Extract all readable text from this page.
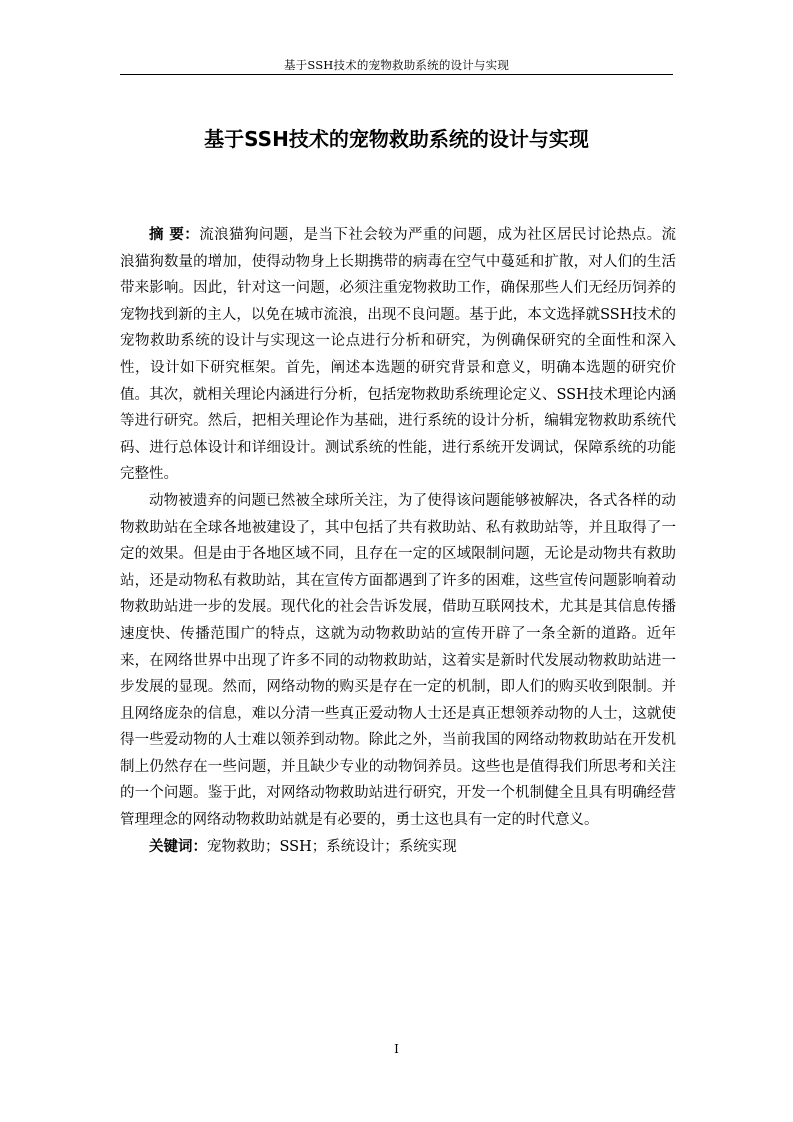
基于SSH技术的宠物救助系统的设计与实现
基于SSH技术的宠物救助系统的设计与实现

摘 要：流浪猫狗问题，是当下社会较为严重的问题，成为社区居民讨论热点。流浪猫狗数量的增加，使得动物身上长期携带的病毒在空气中蔓延和扩散，对人们的生活带来影响。因此，针对这一问题，必须注重宠物救助工作，确保那些人们无经历饲养的宠物找到新的主人，以免在城市流浪，出现不良问题。基于此，本文选择就SSH技术的宠物救助系统的设计与实现这一论点进行分析和研究，为例确保研究的全面性和深入性，设计如下研究框架。首先，阐述本选题的研究背景和意义，明确本选题的研究价值。其次，就相关理论内涵进行分析，包括宠物救助系统理论定义、SSH技术理论内涵等进行研究。然后，把相关理论作为基础，进行系统的设计分析，编辑宠物救助系统代码、进行总体设计和详细设计。测试系统的性能，进行系统开发调试，保障系统的功能完整性。

动物被遗弃的问题已然被全球所关注，为了使得该问题能够被解决，各式各样的动物救助站在全球各地被建设了，其中包括了共有救助站、私有救助站等，并且取得了一定的效果。但是由于各地区域不同，且存在一定的区域限制问题，无论是动物共有救助站，还是动物私有救助站，其在宣传方面都遇到了许多的困难，这些宣传问题影响着动物救助站进一步的发展。现代化的社会告诉发展，借助互联网技术，尤其是其信息传播速度快、传播范围广的特点，这就为动物救助站的宣传开辟了一条全新的道路。近年来，在网络世界中出现了许多不同的动物救助站，这着实是新时代发展动物救助站进一步发展的显现。然而，网络动物的购买是存在一定的机制，即人们的购买收到限制。并且网络庞杂的信息，难以分清一些真正爱动物人士还是真正想领养动物的人士，这就使得一些爱动物的人士难以领养到动物。除此之外，当前我国的网络动物救助站在开发机制上仍然存在一些问题，并且缺少专业的动物饲养员。这些也是值得我们所思考和关注的一个问题。鉴于此，对网络动物救助站进行研究，开发一个机制健全且具有明确经营管理理念的网络动物救助站就是有必要的，勇士这也具有一定的时代意义。

关键词：宠物救助；SSH；系统设计；系统实现

I
